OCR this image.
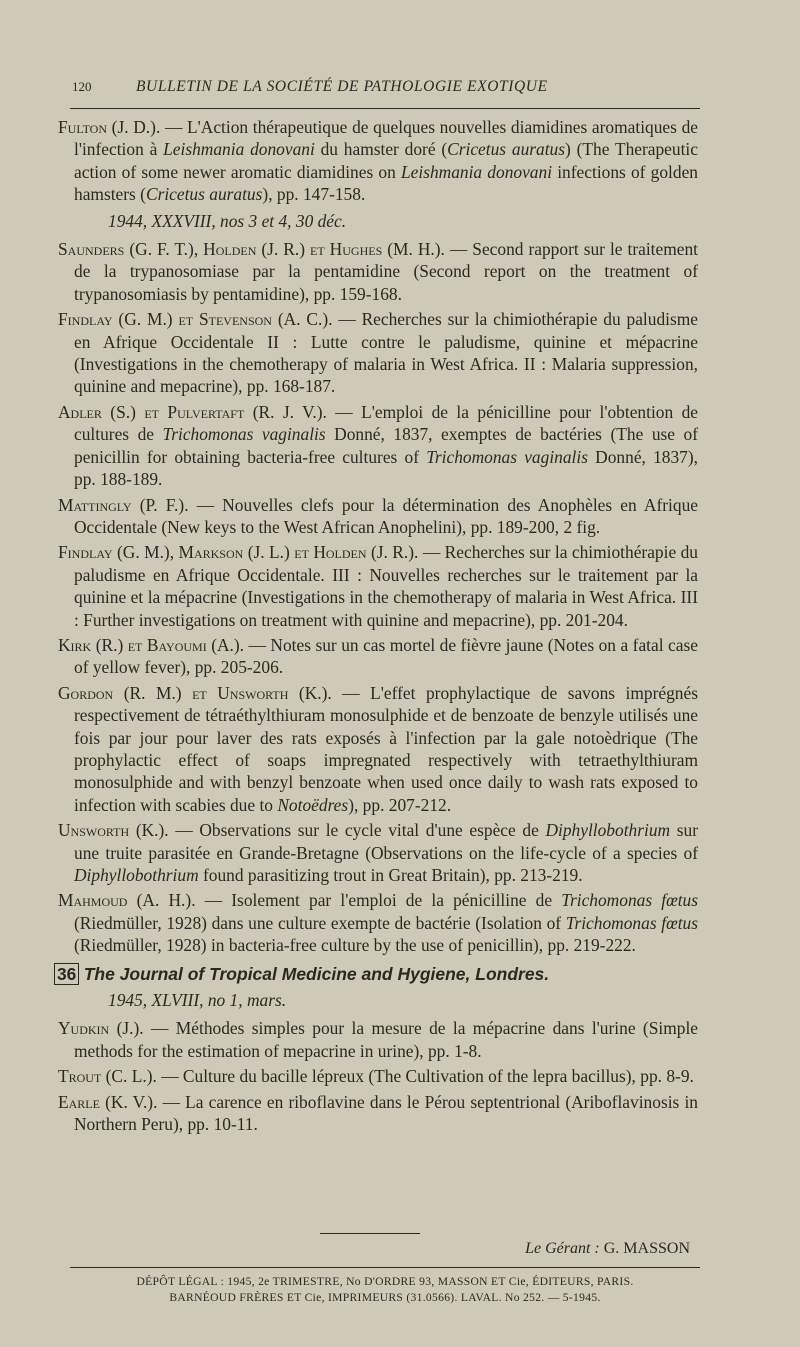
120	BULLETIN DE LA SOCIÉTÉ DE PATHOLOGIE EXOTIQUE

Fulton (J. D.). — L'Action thérapeutique de quelques nouvelles diamidines aromatiques de l'infection à Leishmania donovani du hamster doré (Cricetus auratus) (The Therapeutic action of some newer aromatic diamidines on Leishmania donovani infections of golden hamsters (Cricetus auratus), pp. 147-158.

1944, XXXVIII, nos 3 et 4, 30 déc.

Saunders (G. F. T.), Holden (J. R.) et Hughes (M. H.). — Second rapport sur le traitement de la trypanosomiase par la pentamidine (Second report on the treatment of trypanosomiasis by pentamidine), pp. 159-168.

Findlay (G. M.) et Stevenson (A. C.). — Recherches sur la chimiothérapie du paludisme en Afrique Occidentale II : Lutte contre le paludisme, quinine et mépacrine (Investigations in the chemotherapy of malaria in West Africa. II : Malaria suppression, quinine and mepacrine), pp. 168-187.

Adler (S.) et Pulvertaft (R. J. V.). — L'emploi de la pénicilline pour l'obtention de cultures de Trichomonas vaginalis Donné, 1837, exemptes de bactéries (The use of penicillin for obtaining bacteria-free cultures of Trichomonas vaginalis Donné, 1837), pp. 188-189.

Mattingly (P. F.). — Nouvelles clefs pour la détermination des Anophèles en Afrique Occidentale (New keys to the West African Anophelini), pp. 189-200, 2 fig.

Findlay (G. M.), Markson (J. L.) et Holden (J. R.). — Recherches sur la chimiothérapie du paludisme en Afrique Occidentale. III : Nouvelles recherches sur le traitement par la quinine et la mépacrine (Investigations in the chemotherapy of malaria in West Africa. III : Further investigations on treatment with quinine and mepacrine), pp. 201-204.

Kirk (R.) et Bayoumi (A.). — Notes sur un cas mortel de fièvre jaune (Notes on a fatal case of yellow fever), pp. 205-206.

Gordon (R. M.) et Unsworth (K.). — L'effet prophylactique de savons imprégnés respectivement de tétraéthylthiuram monosulphide et de benzoate de benzyle utilisés une fois par jour pour laver des rats exposés à l'infection par la gale notoèdrique (The prophylactic effect of soaps impregnated respectively with tetraethylthiuram monosulphide and with benzyl benzoate when used once daily to wash rats exposed to infection with scabies due to Notoëdres), pp. 207-212.

Unsworth (K.). — Observations sur le cycle vital d'une espèce de Diphyllobothrium sur une truite parasitée en Grande-Bretagne (Observations on the life-cycle of a species of Diphyllobothrium found parasitizing trout in Great Britain), pp. 213-219.

Mahmoud (A. H.). — Isolement par l'emploi de la pénicilline de Trichomonas fœtus (Riedmüller, 1928) dans une culture exempte de bactérie (Isolation of Trichomonas fœtus (Riedmüller, 1928) in bacteria-free culture by the use of penicillin), pp. 219-222.

36 The Journal of Tropical Medicine and Hygiene, Londres.
1945, XLVIII, no 1, mars.

Yudkin (J.). — Méthodes simples pour la mesure de la mépacrine dans l'urine (Simple methods for the estimation of mepacrine in urine), pp. 1-8.

Trout (C. L.). — Culture du bacille lépreux (The Cultivation of the lepra bacillus), pp. 8-9.

Earle (K. V.). — La carence en riboflavine dans le Pérou septentrional (Ariboflavinosis in Northern Peru), pp. 10-11.

Le Gérant : G. MASSON
DÉPÔT LÉGAL : 1945, 2e TRIMESTRE, No D'ORDRE 93, MASSON ET Cie, ÉDITEURS, PARIS.
BARNÉOUD FRÈRES ET Cie, IMPRIMEURS (31.0566). LAVAL. No 252. — 5-1945.
